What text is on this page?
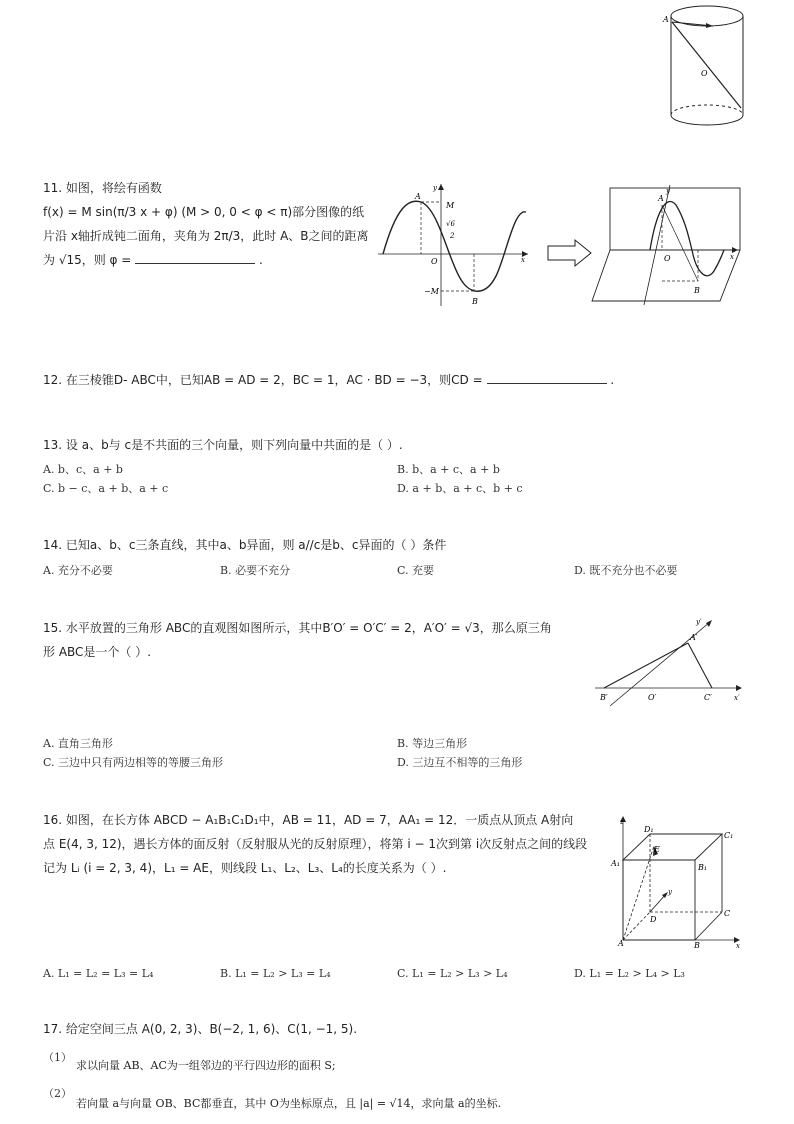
A
O
11. 如图，将绘有函数
f(x) = M sin(π/3 x + φ) (M > 0, 0 < φ < π)部分图像的纸
片沿 x轴折成钝二面角，夹角为 2π/3，此时 A、B之间的距离
为 √15，则 φ =	.
A
M
√6
2
O
−M
B
x
y
A
O
B
x
y
12. 在三棱锥D- ABC中，已知AB = AD = 2，BC = 1，AC · BD = −3，则CD =	.
13. 设 a、b与 c是不共面的三个向量，则下列向量中共面的是（ ）.
A. b、c、a + b	B. b、a + c、a + b
C. b − c、a + b、a + c	D. a + b、a + c、b + c
14. 已知a、b、c三条直线，其中a、b异面，则 a//c是b、c异面的（ ）条件
A. 充分不必要	B. 必要不充分	C. 充要	D. 既不充分也不必要
15. 水平放置的三角形 ABC的直观图如图所示，其中B′O′ = O′C′ = 2，A′O′ = √3，那么原三角
形 ABC是一个（ ）.
A′
B′	O′	C′	x′
y′
A. 直角三角形	B. 等边三角形
C. 三边中只有两边相等的等腰三角形	D. 三边互不相等的三角形
16. 如图，在长方体 ABCD − A₁B₁C₁D₁中，AB = 11，AD = 7，AA₁ = 12．一质点从顶点 A射向
点 E(4, 3, 12)，遇长方体的面反射（反射服从光的反射原理），将第 i − 1次到第 i次反射点之间的线段
记为 Lᵢ (i = 2, 3, 4)，L₁ = AE，则线段 L₁、L₂、L₃、L₄的长度关系为（ ）.
z
D₁
C₁
A₁	B₁
E
y
D
C
A	B	x
A. L₁ = L₂ = L₃ = L₄	B. L₁ = L₂ > L₃ = L₄	C. L₁ = L₂ > L₃ > L₄	D. L₁ = L₂ > L₄ > L₃
17. 给定空间三点 A(0, 2, 3)、B(−2, 1, 6)、C(1, −1, 5).
（1）
求以向量 AB、AC为一组邻边的平行四边形的面积 S;
（2）
若向量 a与向量 OB、BC都垂直，其中 O为坐标原点，且 |a| = √14，求向量 a的坐标.
